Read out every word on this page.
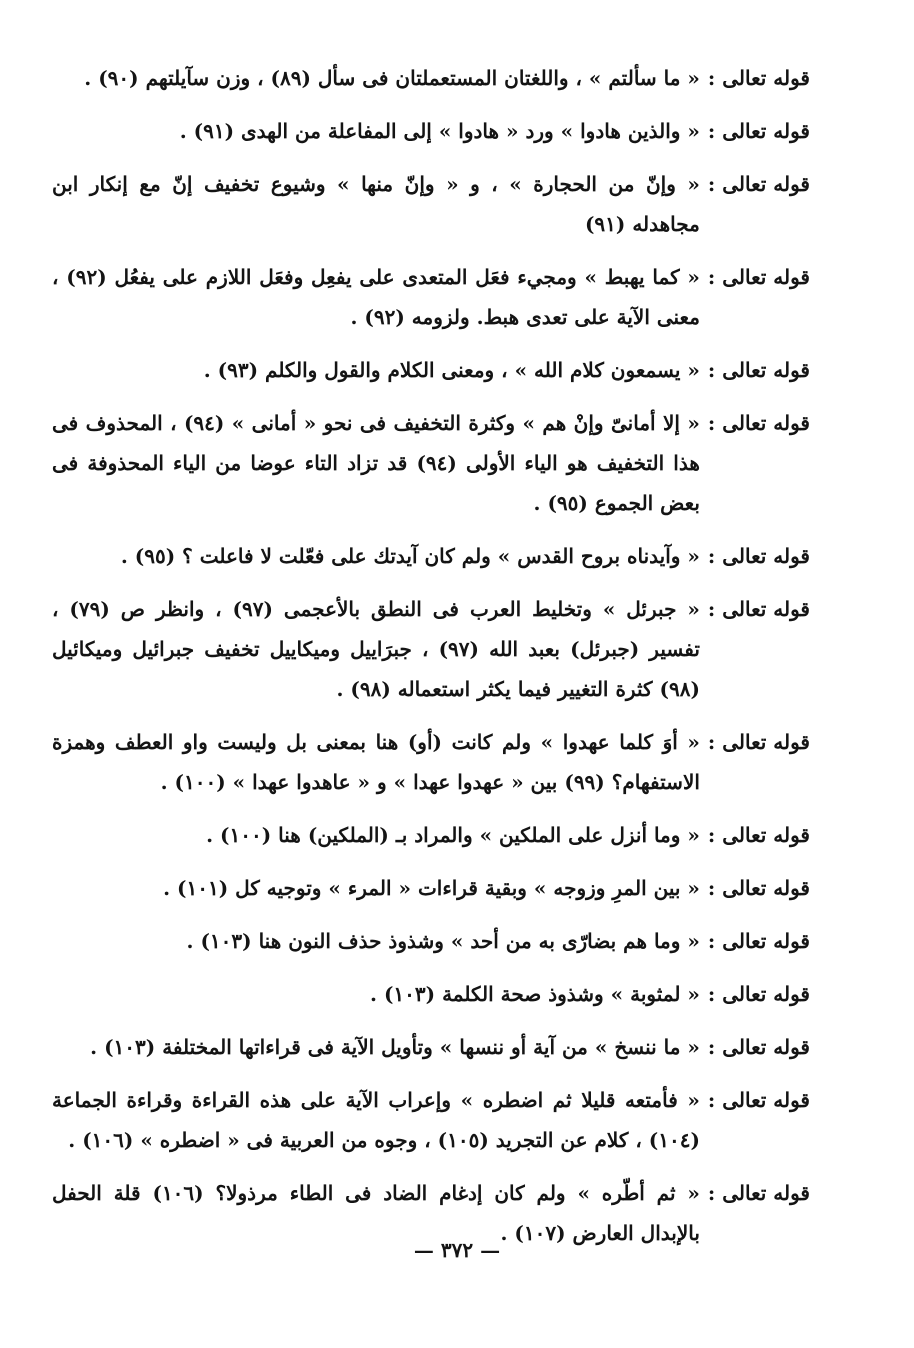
قوله تعالى :
« ما سألتم » ، واللغتان المستعملتان فى سأل (٨٩) ، وزن سآيلتهم (٩٠) .
قوله تعالى :
« والذين هادوا » ورد « هادوا » إلى المفاعلة من الهدى (٩١) .
قوله تعالى :
« وإنّ من الحجارة » ، و « وإنّ منها » وشيوع تخفيف إنّ مع إنكار ابن مجاهدله (٩١)
قوله تعالى :
« كما يهبط » ومجيء فعَل المتعدى على يفعِل وفعَل اللازم على يفعُل (٩٢) ، معنى الآية على تعدى هبط. ولزومه (٩٢) .
قوله تعالى :
« يسمعون كلام الله » ، ومعنى الكلام والقول والكلم (٩٣) .
قوله تعالى :
« إلا أمانىّ وإنْ هم » وكثرة التخفيف فى نحو « أمانى » (٩٤) ، المحذوف فى هذا التخفيف هو الياء الأولى (٩٤) قد تزاد التاء عوضا من الياء المحذوفة فى بعض الجموع (٩٥) .
قوله تعالى :
« وآيدناه بروح القدس » ولم كان آيدتك على فعّلت لا فاعلت ؟ (٩٥) .
قوله تعالى :
« جبرئل » وتخليط العرب فى النطق بالأعجمى (٩٧) ، وانظر ص (٧٩) ، تفسير (جبرئل) بعبد الله (٩٧) ، جبرَاييل وميكاييل تخفيف جبرائيل وميكائيل (٩٨) كثرة التغيير فيما يكثر استعماله (٩٨) .
قوله تعالى :
« أوَ كلما عهدوا » ولم كانت (أو) هنا بمعنى بل وليست واو العطف وهمزة الاستفهام؟ (٩٩) بين « عهدوا عهدا » و « عاهدوا عهدا » (١٠٠) .
قوله تعالى :
« وما أنزل على الملكين » والمراد بـ (الملكين) هنا (١٠٠) .
قوله تعالى :
« بين المرِ وزوجه » وبقية قراءات « المرء » وتوجيه كل (١٠١) .
قوله تعالى :
« وما هم بضارّى به من أحد » وشذوذ حذف النون هنا (١٠٣) .
قوله تعالى :
« لمثوبة » وشذوذ صحة الكلمة (١٠٣) .
قوله تعالى :
« ما ننسخ » من آية أو ننسها » وتأويل الآية فى قراءاتها المختلفة (١٠٣) .
قوله تعالى :
« فأمتعه قليلا ثم اضطره » وإعراب الآية على هذه القراءة وقراءة الجماعة (١٠٤) ، كلام عن التجريد (١٠٥) ، وجوه من العربية فى « اضطره » (١٠٦) .
قوله تعالى :
« ثم أطّره » ولم كان إدغام الضاد فى الطاء مرذولا؟ (١٠٦) قلة الحفل بالإبدال العارض (١٠٧) .
— ٣٧٢ —
